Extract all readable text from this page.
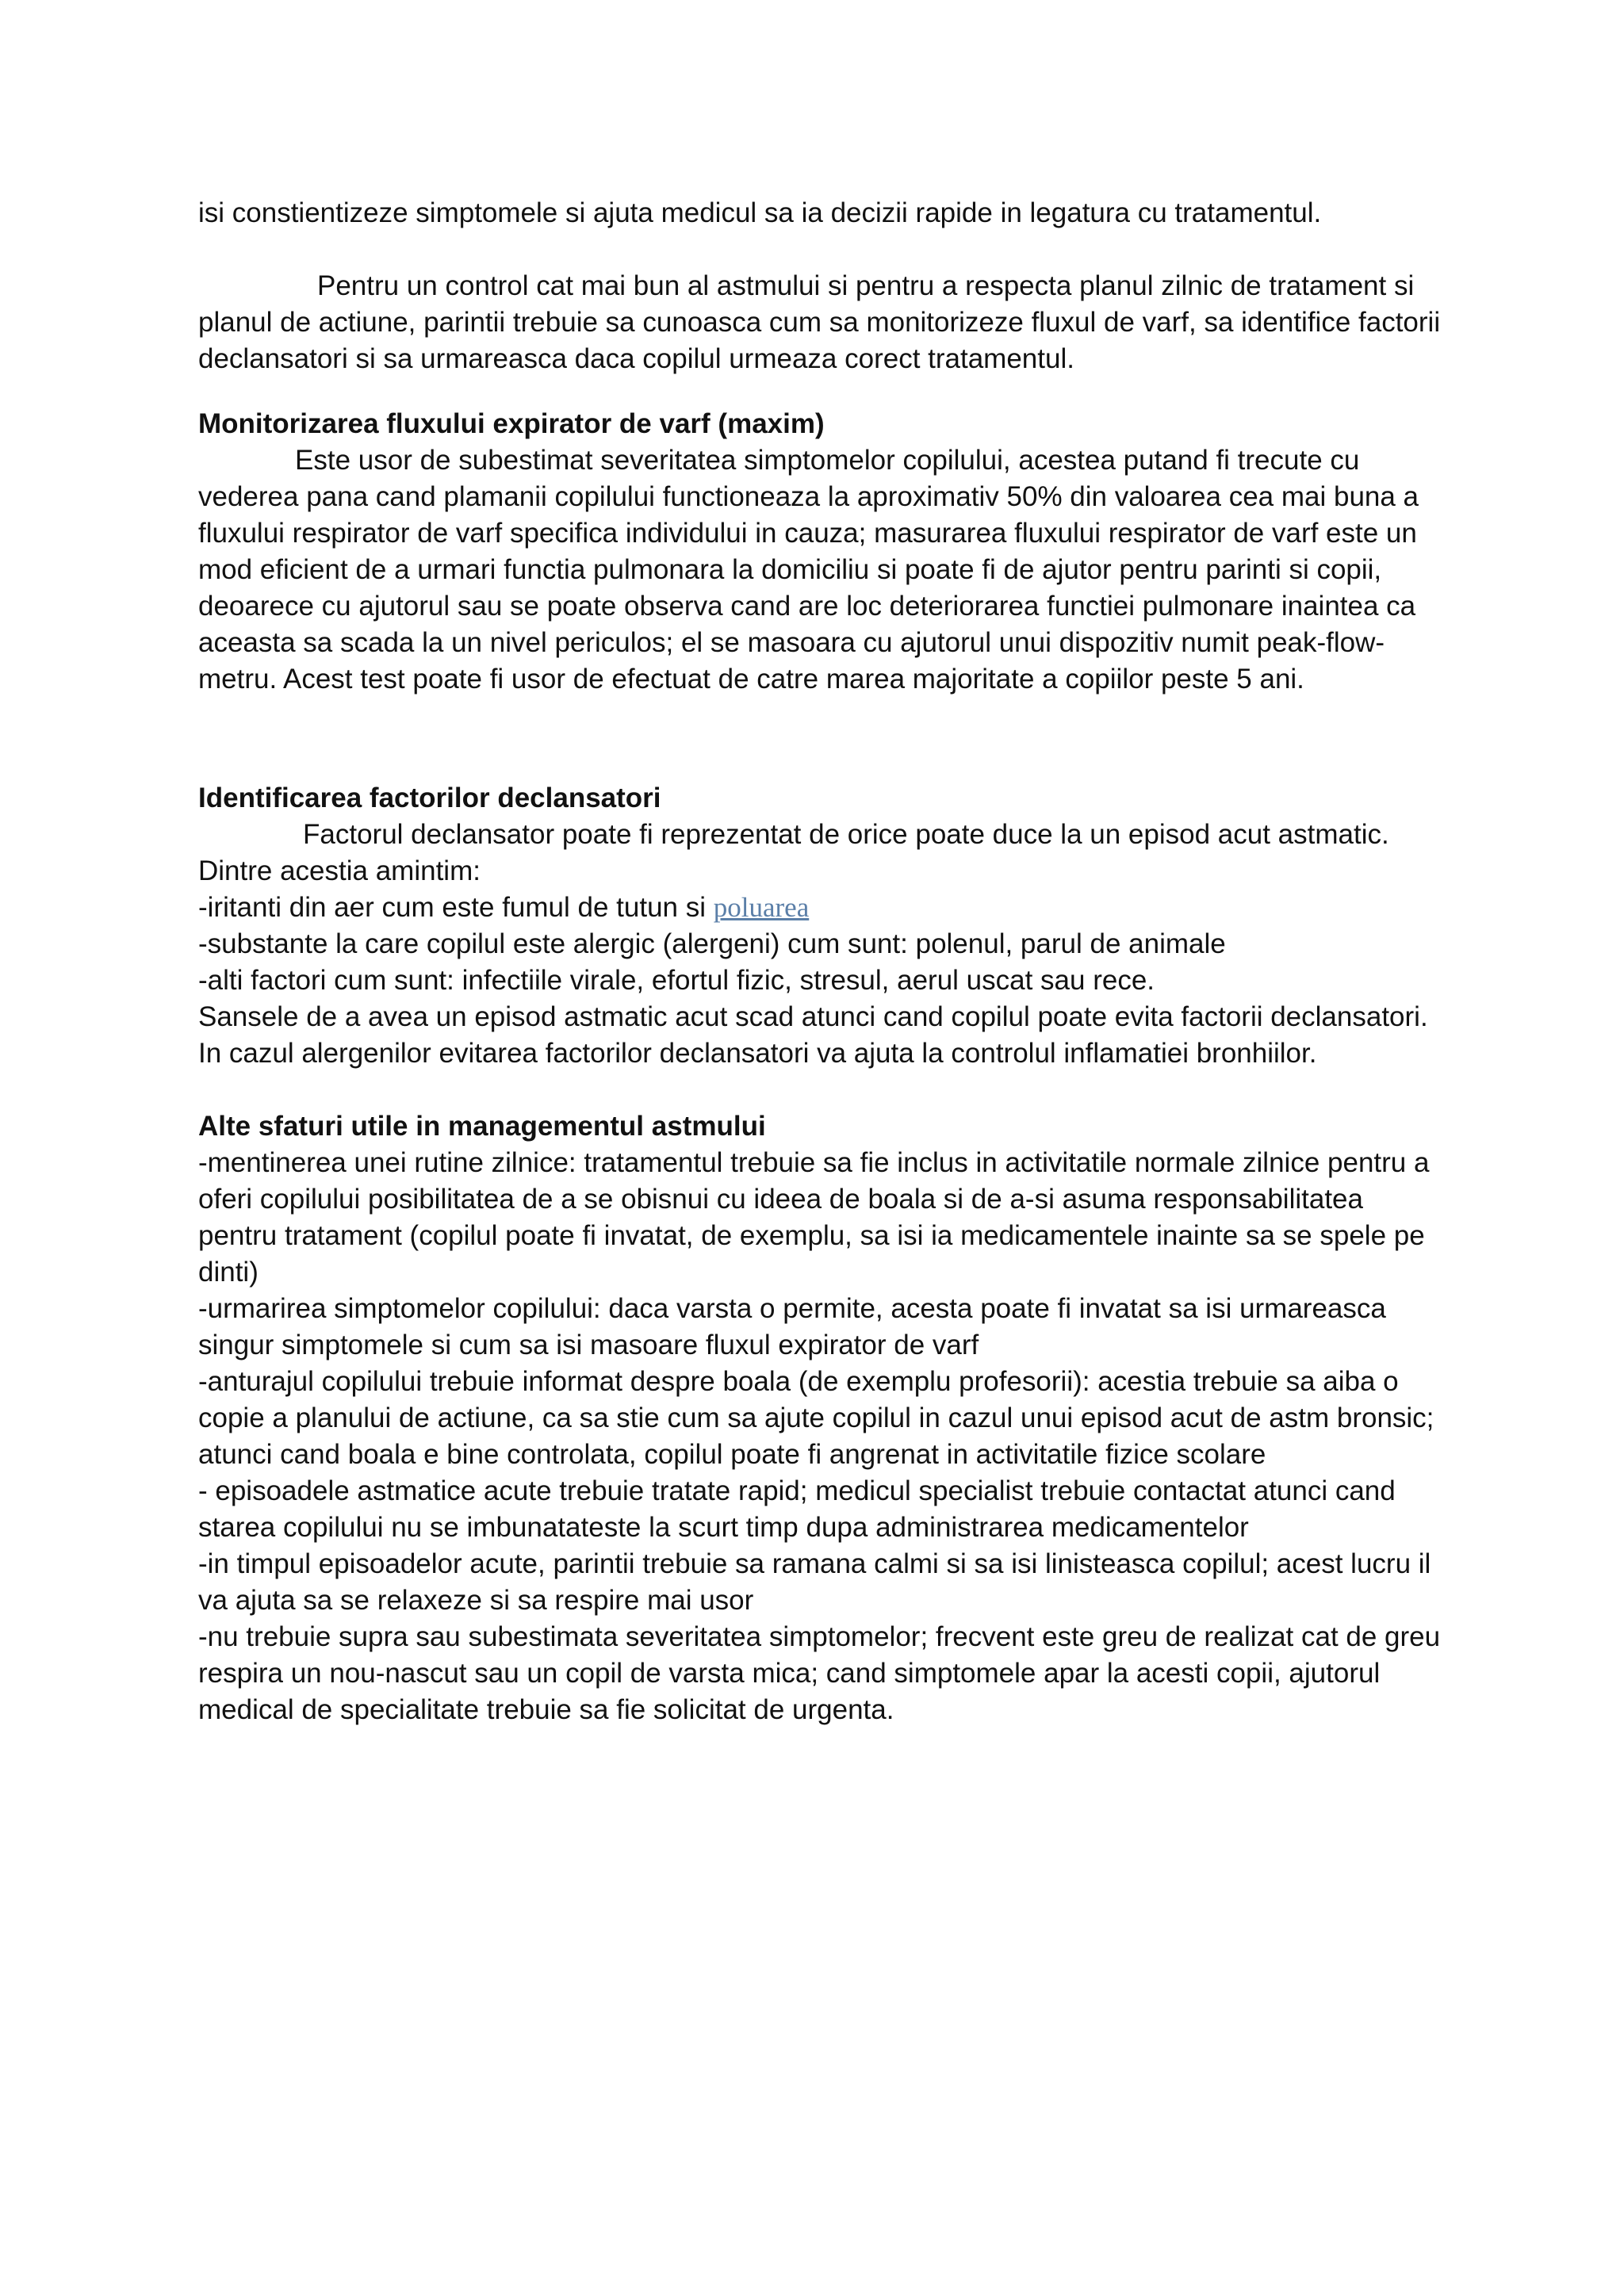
isi constientizeze simptomele si ajuta medicul sa ia decizii rapide in legatura cu tratamentul.

Pentru un control cat mai bun al astmului si pentru a respecta planul zilnic de tratament si planul de actiune, parintii trebuie sa cunoasca cum sa monitorizeze fluxul de varf, sa identifice factorii declansatori si sa urmareasca daca copilul urmeaza corect tratamentul.

Monitorizarea fluxului expirator de varf (maxim)

Este usor de subestimat severitatea simptomelor copilului, acestea putand fi trecute cu vederea pana cand plamanii copilului functioneaza la aproximativ 50% din valoarea cea mai buna a fluxului respirator de varf specifica individului in cauza; masurarea fluxului respirator de varf este un mod eficient de a urmari functia pulmonara la domiciliu si poate fi de ajutor pentru parinti si copii, deoarece cu ajutorul sau se poate observa cand are loc deteriorarea functiei pulmonare inaintea ca aceasta sa scada la un nivel periculos; el se masoara cu ajutorul unui dispozitiv numit peak-flow-metru. Acest test poate fi usor de efectuat de catre marea majoritate a copiilor peste 5 ani.

Identificarea factorilor declansatori

Factorul declansator poate fi reprezentat de orice poate duce la un episod acut astmatic.

Dintre acestia amintim:

-iritanti din aer cum este fumul de tutun si poluarea

-substante la care copilul este alergic (alergeni) cum sunt: polenul, parul de animale

-alti factori cum sunt: infectiile virale, efortul fizic, stresul, aerul uscat sau rece.

Sansele de a avea un episod astmatic acut scad atunci cand copilul poate evita factorii declansatori. In cazul alergenilor evitarea factorilor declansatori va ajuta la controlul inflamatiei bronhiilor.

Alte sfaturi utile in managementul astmului

-mentinerea unei rutine zilnice: tratamentul trebuie sa fie inclus in activitatile normale zilnice pentru a oferi copilului posibilitatea de a se obisnui cu ideea de boala si de a-si asuma responsabilitatea pentru tratament (copilul poate fi invatat, de exemplu, sa isi ia medicamentele inainte sa se spele pe dinti)

-urmarirea simptomelor copilului: daca varsta o permite, acesta poate fi invatat sa isi urmareasca singur simptomele si cum sa isi masoare fluxul expirator de varf

-anturajul copilului trebuie informat despre boala (de exemplu profesorii): acestia trebuie sa aiba o copie a planului de actiune, ca sa stie cum sa ajute copilul in cazul unui episod acut de astm bronsic; atunci cand boala e bine controlata, copilul poate fi angrenat in activitatile fizice scolare

- episoadele astmatice acute trebuie tratate rapid; medicul specialist trebuie contactat atunci cand starea copilului nu se imbunatateste la scurt timp dupa administrarea medicamentelor

-in timpul episoadelor acute, parintii trebuie sa ramana calmi si sa isi linisteasca copilul; acest lucru il va ajuta sa se relaxeze si sa respire mai usor

-nu trebuie supra sau subestimata severitatea simptomelor; frecvent este greu de realizat cat de greu respira un nou-nascut sau un copil de varsta mica; cand simptomele apar la acesti copii, ajutorul medical de specialitate trebuie sa fie solicitat de urgenta.
